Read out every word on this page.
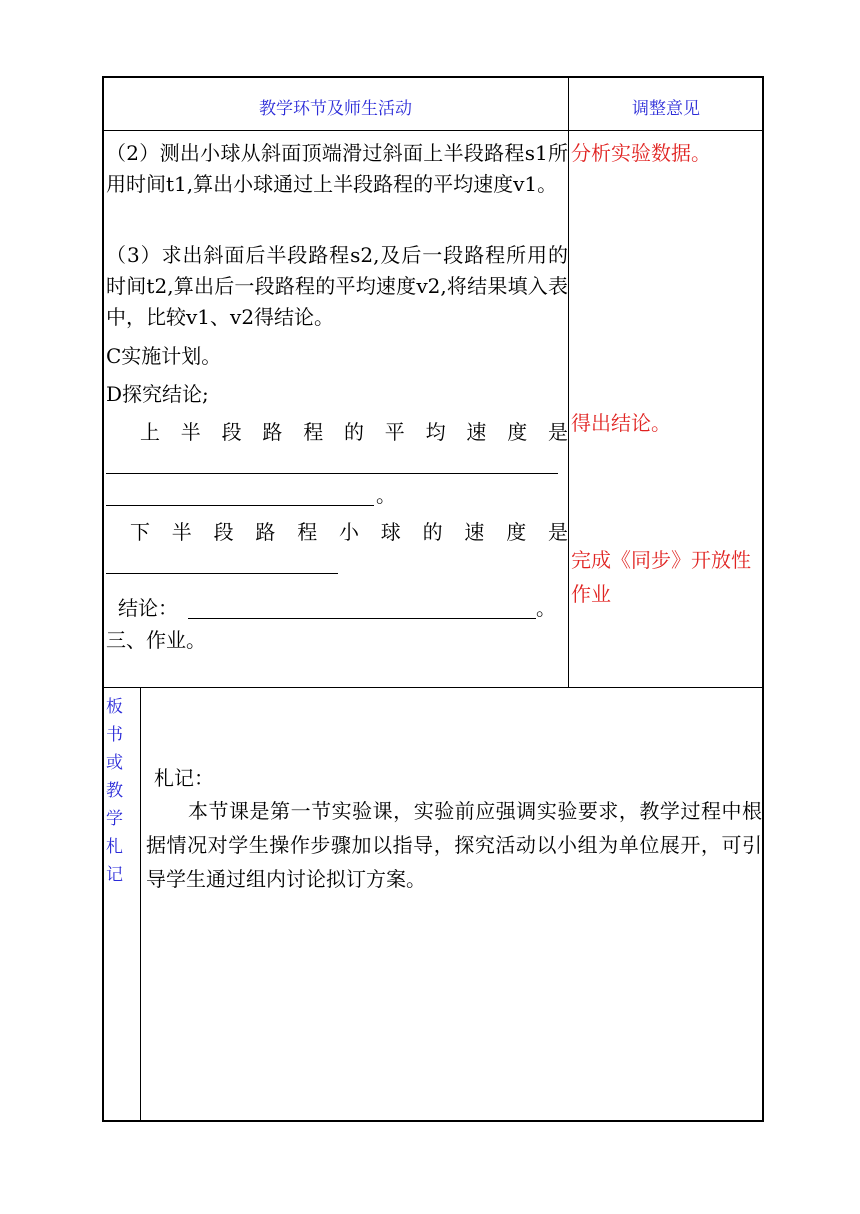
教学环节及师生活动	调整意见

（2）测出小球从斜面顶端滑过斜面上半段路程s1所用时间t1,算出小球通过上半段路程的平均速度v1。

（3）求出斜面后半段路程s2,及后一段路程所用的时间t2,算出后一段路程的平均速度v2,将结果填入表中，比较v1、v2得结论。

C实施计划。

D探究结论;

上 半 段 路 程 的 平 均 速 度 是

。

下 半 段 路 程 小 球 的 速 度 是

结论：	。

三、作业。

分析实验数据。
得出结论。
完成《同步》开放性作业
板
书
或
教
学
札
记

札记：

本节课是第一节实验课，实验前应强调实验要求，教学过程中根据情况对学生操作步骤加以指导，探究活动以小组为单位展开，可引导学生通过组内讨论拟订方案。
